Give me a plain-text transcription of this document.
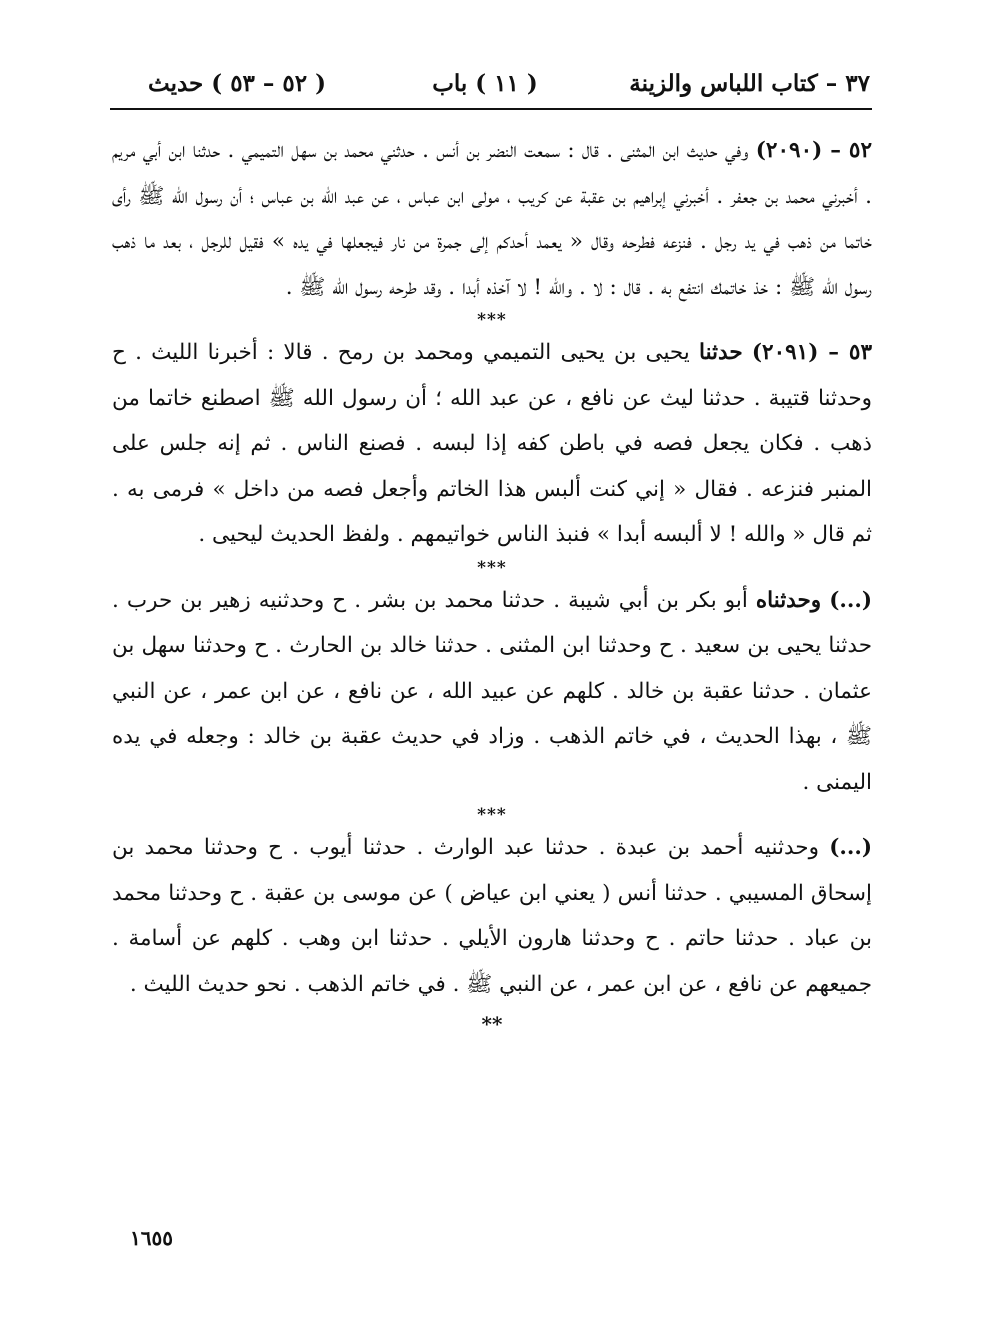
٣٧ – كتاب اللباس والزينة
( ١١ ) باب
( ٥٢ – ٥٣ ) حديث

٥٢ – (٢٠٩٠) وفي حديث ابن المثنى . قال : سمعت النضر بن أنس . حدثني محمد بن سهل التميمي . حدثنا ابن أبي مريم . أخبرني محمد بن جعفر . أخبرني إبراهيم بن عقبة عن كريب ، مولى ابن عباس ، عن عبد الله بن عباس ؛ أن رسول الله ﷺ رأى خاتما من ذهب في يد رجل . فنزعه فطرحه وقال « يعمد أحدكم إلى جمرة من نار فيجعلها في يده » فقيل للرجل ، بعد ما ذهب رسول الله ﷺ : خذ خاتمك انتفع به . قال : لا . والله ! لا آخذه أبدا . وقد طرحه رسول الله ﷺ .

***

٥٣ – (٢٠٩١) حدثنا يحيى بن يحيى التميمي ومحمد بن رمح . قالا : أخبرنا الليث . ح وحدثنا قتيبة . حدثنا ليث عن نافع ، عن عبد الله ؛ أن رسول الله ﷺ اصطنع خاتما من ذهب . فكان يجعل فصه في باطن كفه إذا لبسه . فصنع الناس . ثم إنه جلس على المنبر فنزعه . فقال « إني كنت ألبس هذا الخاتم وأجعل فصه من داخل » فرمى به . ثم قال « والله ! لا ألبسه أبدا » فنبذ الناس خواتيمهم . ولفظ الحديث ليحيى .

***

(...) وحدثناه أبو بكر بن أبي شيبة . حدثنا محمد بن بشر . ح وحدثنيه زهير بن حرب . حدثنا يحيى بن سعيد . ح وحدثنا ابن المثنى . حدثنا خالد بن الحارث . ح وحدثنا سهل بن عثمان . حدثنا عقبة بن خالد . كلهم عن عبيد الله ، عن نافع ، عن ابن عمر ، عن النبي ﷺ ، بهذا الحديث ، في خاتم الذهب . وزاد في حديث عقبة بن خالد : وجعله في يده اليمنى .

***

(...) وحدثنيه أحمد بن عبدة . حدثنا عبد الوارث . حدثنا أيوب . ح وحدثنا محمد بن إسحاق المسيبي . حدثنا أنس ( يعني ابن عياض ) عن موسى بن عقبة . ح وحدثنا محمد بن عباد . حدثنا حاتم . ح وحدثنا هارون الأيلي . حدثنا ابن وهب . كلهم عن أسامة . جميعهم عن نافع ، عن ابن عمر ، عن النبي ﷺ . في خاتم الذهب . نحو حديث الليث .

**
١٦٥٥
